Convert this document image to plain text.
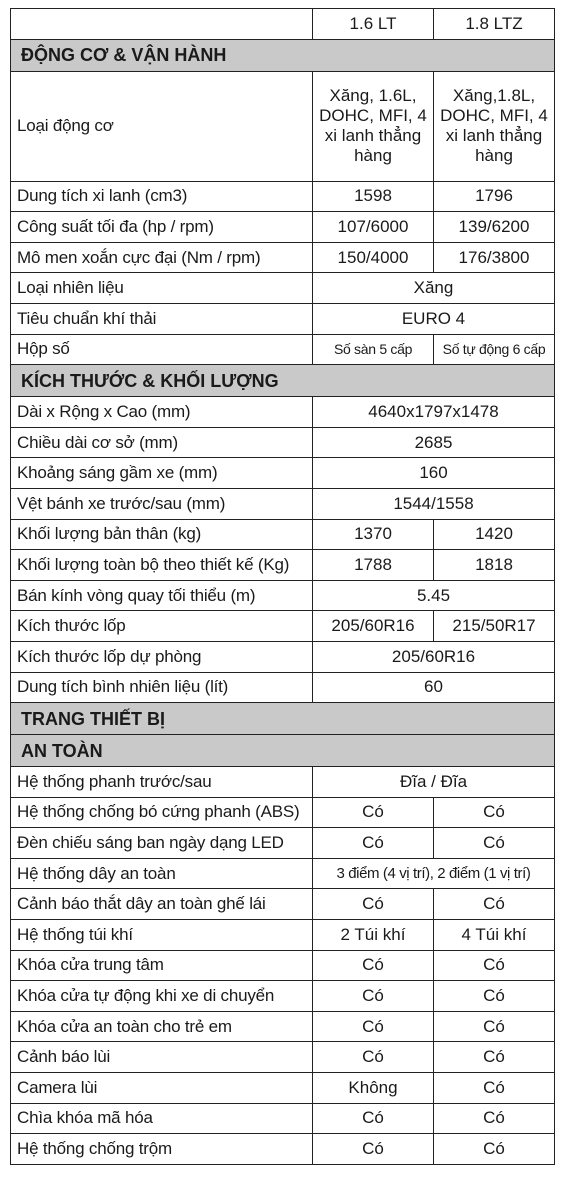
	1.6 LT	1.8 LTZ
ĐỘNG CƠ & VẬN HÀNH		
Loại động cơ	Xăng, 1.6L, DOHC, MFI, 4 xi lanh thẳng hàng	Xăng,1.8L, DOHC, MFI, 4 xi lanh thẳng hàng
Dung tích xi lanh (cm3)	1598	1796
Công suất tối đa (hp / rpm)	107/6000	139/6200
Mô men xoắn cực đại (Nm / rpm)	150/4000	176/3800
Loại nhiên liệu	Xăng	
Tiêu chuẩn khí thải	EURO 4	
Hộp số	Số sàn 5 cấp	Số tự động 6 cấp
KÍCH THƯỚC & KHỐI LƯỢNG		
Dài x Rộng x Cao (mm)	4640x1797x1478	
Chiều dài cơ sở (mm)	2685	
Khoảng sáng gầm xe (mm)	160	
Vệt bánh xe trước/sau (mm)	1544/1558	
Khối lượng bản thân (kg)	1370	1420
Khối lượng toàn bộ theo thiết kế (Kg)	1788	1818
Bán kính vòng quay tối thiểu (m)	5.45	
Kích thước lốp	205/60R16	215/50R17
Kích thước lốp dự phòng	205/60R16	
Dung tích bình nhiên liệu (lít)	60	
TRANG THIẾT BỊ		
AN TOÀN		
Hệ thống phanh trước/sau	Đĩa / Đĩa	
Hệ thống chống bó cứng phanh (ABS)	Có	Có
Đèn chiếu sáng ban ngày dạng LED	Có	Có
Hệ thống dây an toàn	3 điểm (4 vị trí), 2 điểm (1 vị trí)	
Cảnh báo thắt dây an toàn ghế lái	Có	Có
Hệ thống túi khí	2 Túi khí	4 Túi khí
Khóa cửa trung tâm	Có	Có
Khóa cửa tự động khi xe di chuyển	Có	Có
Khóa cửa an toàn cho trẻ em	Có	Có
Cảnh báo lùi	Có	Có
Camera lùi	Không	Có
Chìa khóa mã hóa	Có	Có
Hệ thống chống trộm	Có	Có
